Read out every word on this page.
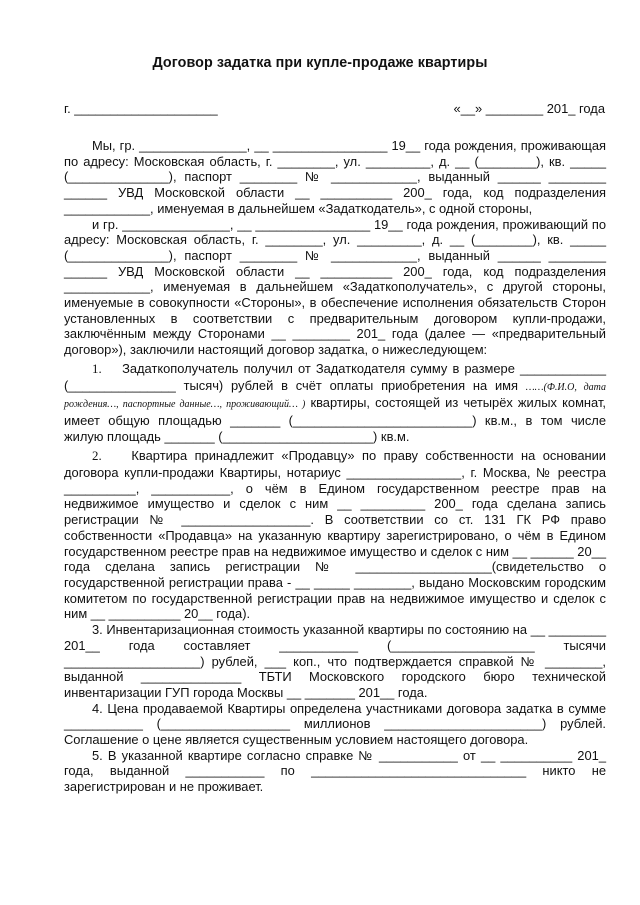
Договор задатка при купле-продаже квартиры
г. ____________________	«__» ________ 201_ года

Мы, гр. _______________, __ ________________ 19__ года рождения, проживающая по адресу: Московская область, г. ________, ул. _________, д. __ (________), кв. _____ (______________), паспорт ________ № ____________, выданный ______ ________ ______ УВД Московской области __ __________ 200_ года, код подразделения ____________, именуемая в дальнейшем «Задаткодатель», с одной стороны,

и гр. _______________, __ ________________ 19__ года рождения, проживающий по адресу: Московская область, г. ________, ул. _________, д. __ (________), кв. _____ (______________), паспорт ________ № ____________, выданный ______ ________ ______ УВД Московской области __ __________ 200_ года, код подразделения ____________, именуемая в дальнейшем «Задаткополучатель», с другой стороны, именуемые в совокупности «Стороны», в обеспечение исполнения обязательств Сторон установленных в соответствии с предварительным договором купли-продажи, заключённым между Сторонами __ ________ 201_ года (далее — «предварительный договор»), заключили настоящий договор задатка, о нижеследующем:

1. Задаткополучатель получил от Задаткодателя сумму в размере ____________ (_______________ тысяч) рублей в счёт оплаты приобретения на имя ……(Ф.И.О, дата рождения…, паспортные данные…, проживающий… ) квартиры, состоящей из четырёх жилых комнат, имеет общую площадью _______ (_________________________) кв.м., в том числе жилую площадь _______ (_____________________) кв.м.

2. Квартира принадлежит «Продавцу» по праву собственности на основании договора купли-продажи Квартиры, нотариус ________________, г. Москва, № реестра __________, ___________, о чём в Едином государственном реестре прав на недвижимое имущество и сделок с ним __ _________ 200_ года сделана запись регистрации № __________________. В соответствии со ст. 131 ГК РФ право собственности «Продавца» на указанную квартиру зарегистрировано, о чём в Едином государственном реестре прав на недвижимое имущество и сделок с ним __ ______ 20__ года сделана запись регистрации № ___________________(свидетельство о государственной регистрации права - __ _____ ________, выдано Московским городским комитетом по государственной регистрации прав на недвижимое имущество и сделок с ним __ __________ 20__ года).

3. Инвентаризационная стоимость указанной квартиры по состоянию на __ ________ 201__ года составляет ___________ (____________________ тысячи ___________________) рублей, ___ коп., что подтверждается справкой № ________, выданной ______________ ТБТИ Московского городского бюро технической инвентаризации ГУП города Москвы __ _______ 201__ года.

4. Цена продаваемой Квартиры определена участниками договора задатка в сумме ___________ (__________________ миллионов ______________________) рублей. Соглашение о цене является существенным условием настоящего договора.

5. В указанной квартире согласно справке № ___________ от __ __________ 201_ года, выданной ___________ по ______________________________ никто не зарегистрирован и не проживает.
